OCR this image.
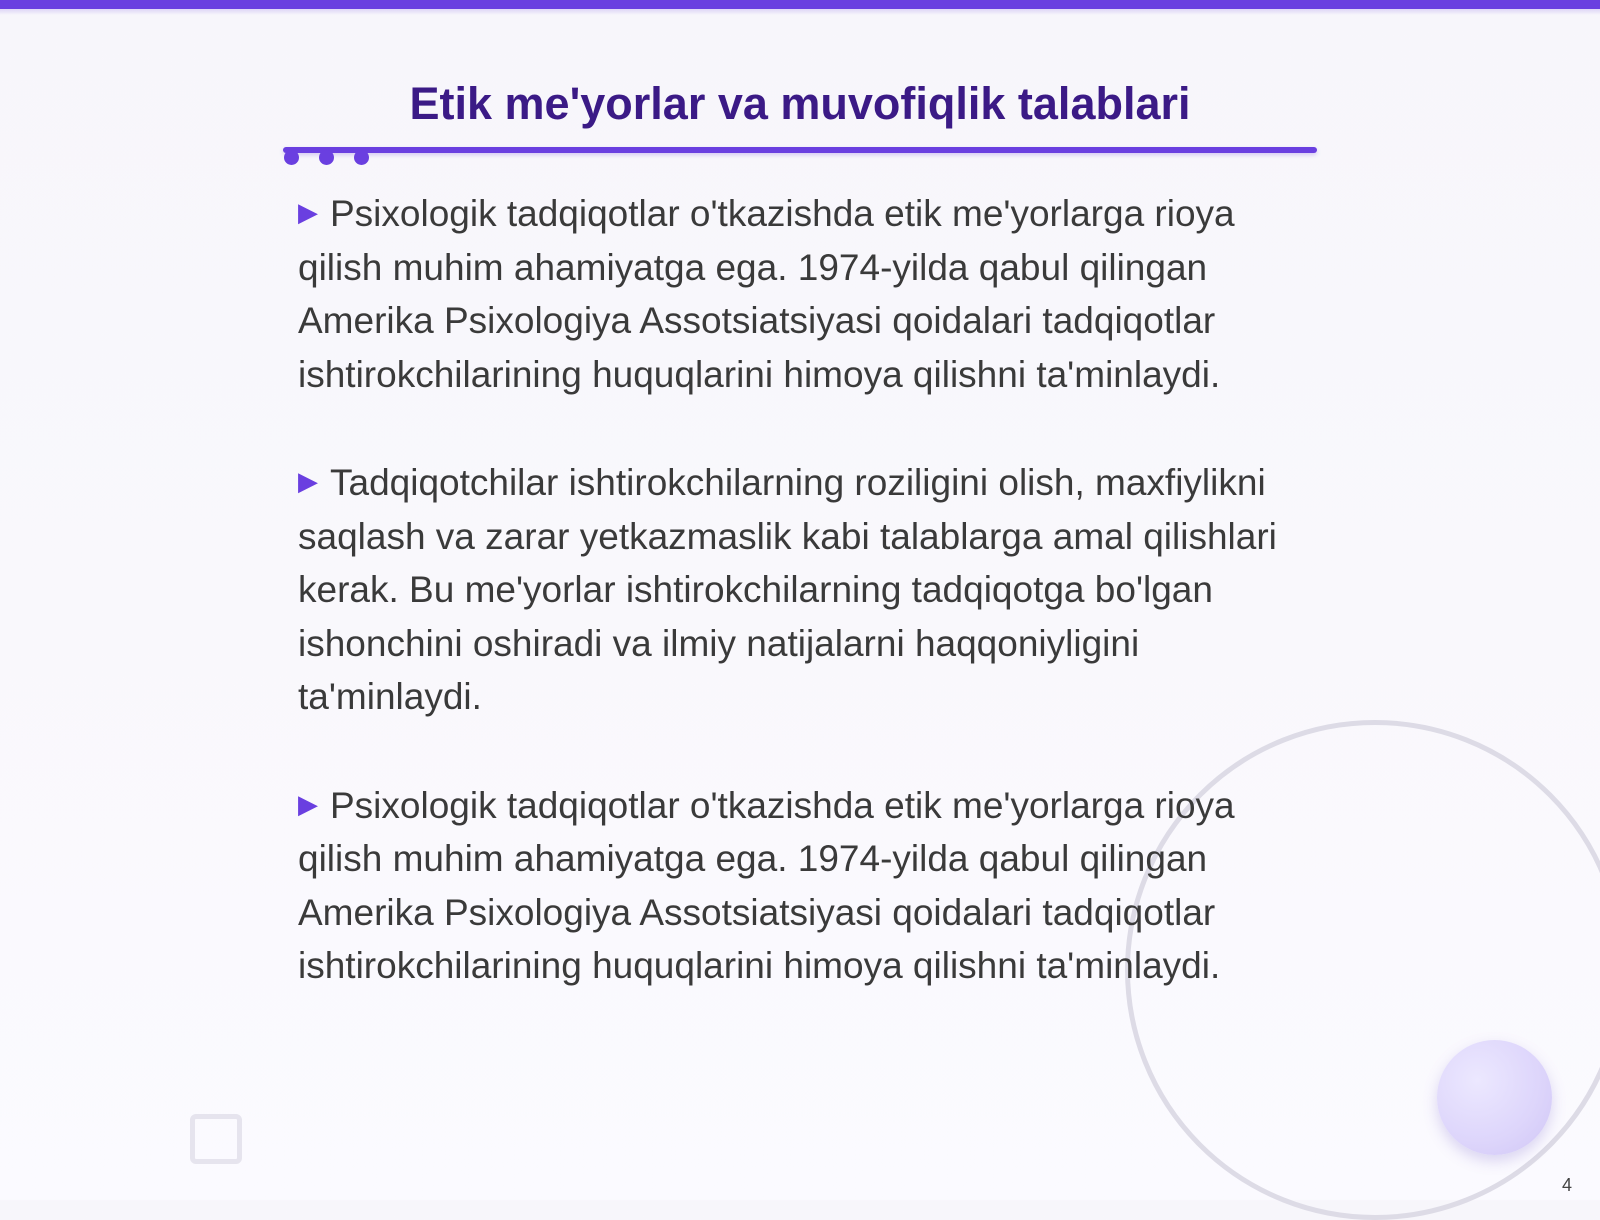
Etik me'yorlar va muvofiqlik talablari

▶ Psixologik tadqiqotlar o'tkazishda etik me'yorlarga rioya qilish muhim ahamiyatga ega. 1974-yilda qabul qilingan Amerika Psixologiya Assotsiatsiyasi qoidalari tadqiqotlar ishtirokchilarining huquqlarini himoya qilishni ta'minlaydi.

▶ Tadqiqotchilar ishtirokchilarning roziligini olish, maxfiylikni saqlash va zarar yetkazmaslik kabi talablarga amal qilishlari kerak. Bu me'yorlar ishtirokchilarning tadqiqotga bo'lgan ishonchini oshiradi va ilmiy natijalarni haqqoniyligini ta'minlaydi.

▶ Psixologik tadqiqotlar o'tkazishda etik me'yorlarga rioya qilish muhim ahamiyatga ega. 1974-yilda qabul qilingan Amerika Psixologiya Assotsiatsiyasi qoidalari tadqiqotlar ishtirokchilarining huquqlarini himoya qilishni ta'minlaydi.

4
